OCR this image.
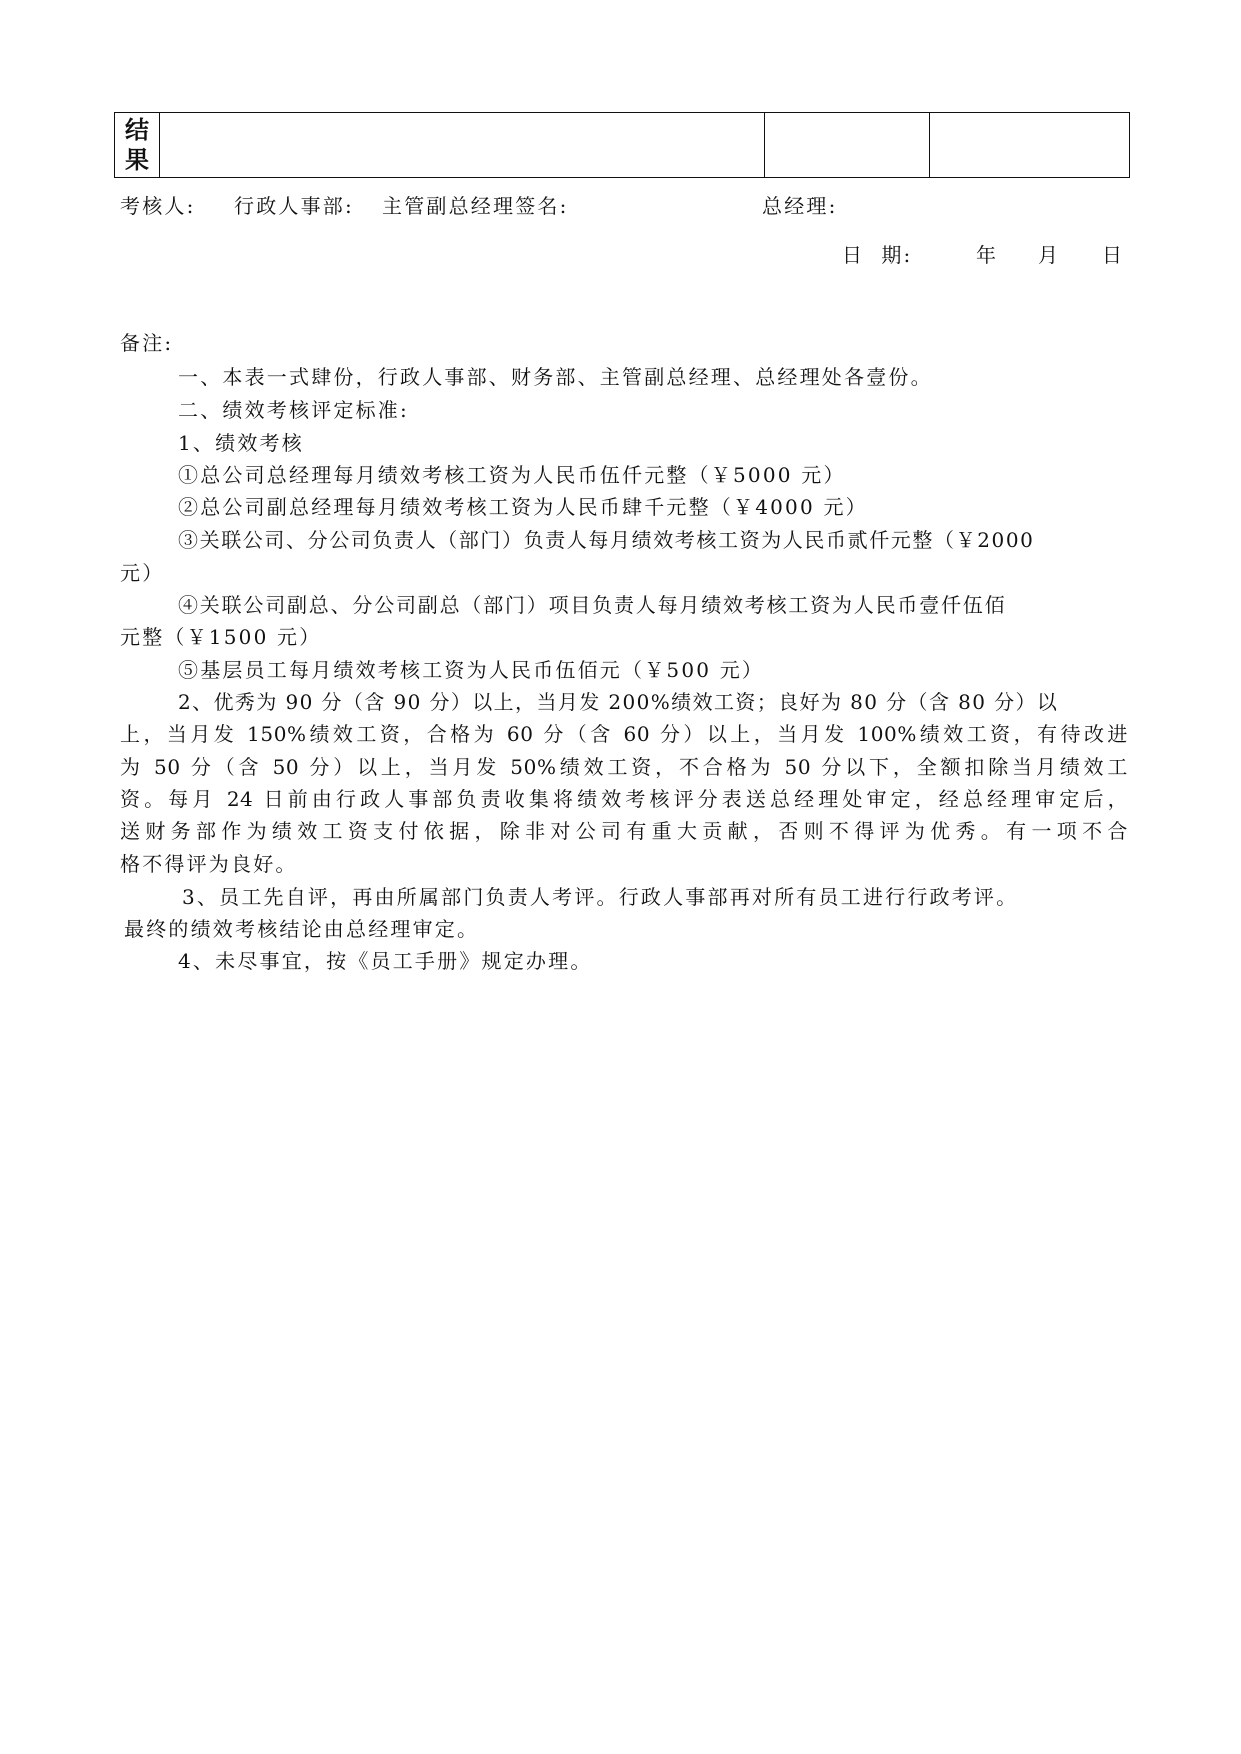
结
果

考核人: 行政人事部: 主管副总经理签名:	总经理:
日  期:	年 月 日
备注:
一、本表一式肆份，行政人事部、财务部、主管副总经理、总经理处各壹份。
二、绩效考核评定标准:
1、绩效考核
①总公司总经理每月绩效考核工资为人民币伍仟元整（￥5000 元）
②总公司副总经理每月绩效考核工资为人民币肆千元整（￥4000 元）
③关联公司、分公司负责人（部门）负责人每月绩效考核工资为人民币贰仟元整（￥2000
元）
④关联公司副总、分公司副总（部门）项目负责人每月绩效考核工资为人民币壹仟伍佰
元整（￥1500 元）
⑤基层员工每月绩效考核工资为人民币伍佰元（￥500 元）
2、优秀为 90 分（含 90 分）以上，当月发 200%绩效工资；良好为 80 分（含 80 分）以
上，当月发 150%绩效工资，合格为 60 分（含 60 分）以上，当月发 100%绩效工资，有待改进
为 50 分（含 50 分）以上，当月发 50%绩效工资，不合格为 50 分以下，全额扣除当月绩效工
资。每月 24 日前由行政人事部负责收集将绩效考核评分表送总经理处审定，经总经理审定后，
送财务部作为绩效工资支付依据，除非对公司有重大贡献，否则不得评为优秀。有一项不合
格不得评为良好。
3、员工先自评，再由所属部门负责人考评。行政人事部再对所有员工进行行政考评。
最终的绩效考核结论由总经理审定。
4、未尽事宜，按《员工手册》规定办理。
